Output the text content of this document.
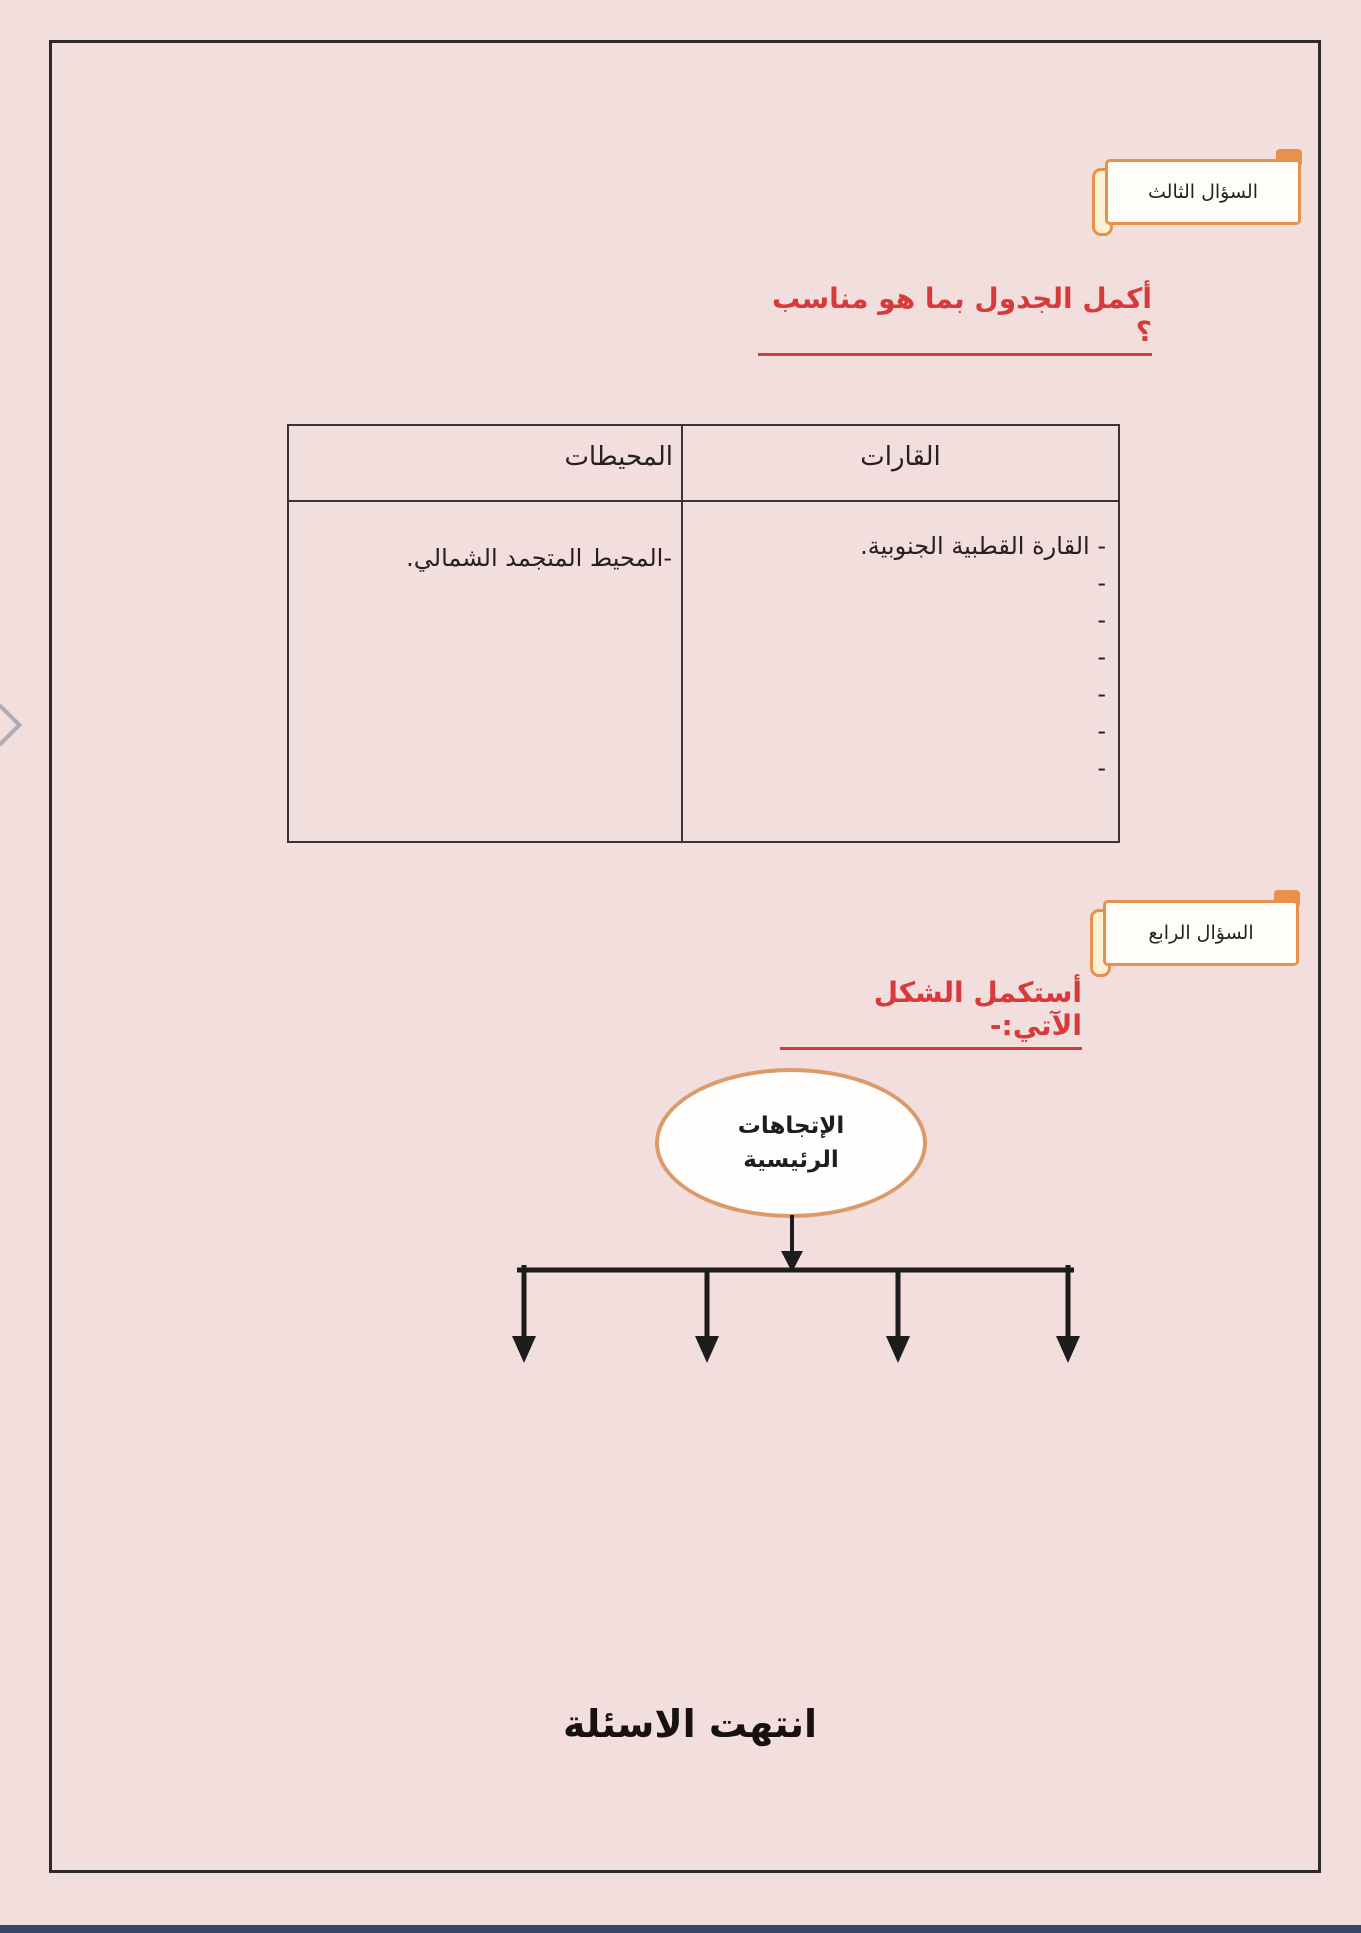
السؤال الثالث
أكمل الجدول بما هو مناسب ؟
القارات
المحيطات
- القارة القطبية الجنوبية.
-
-
-
-
-
-
-المحيط المتجمد الشمالي.
السؤال الرابع
أستكمل الشكل الآتي:-
الإتجاهات الرئيسية
انتهت الاسئلة
